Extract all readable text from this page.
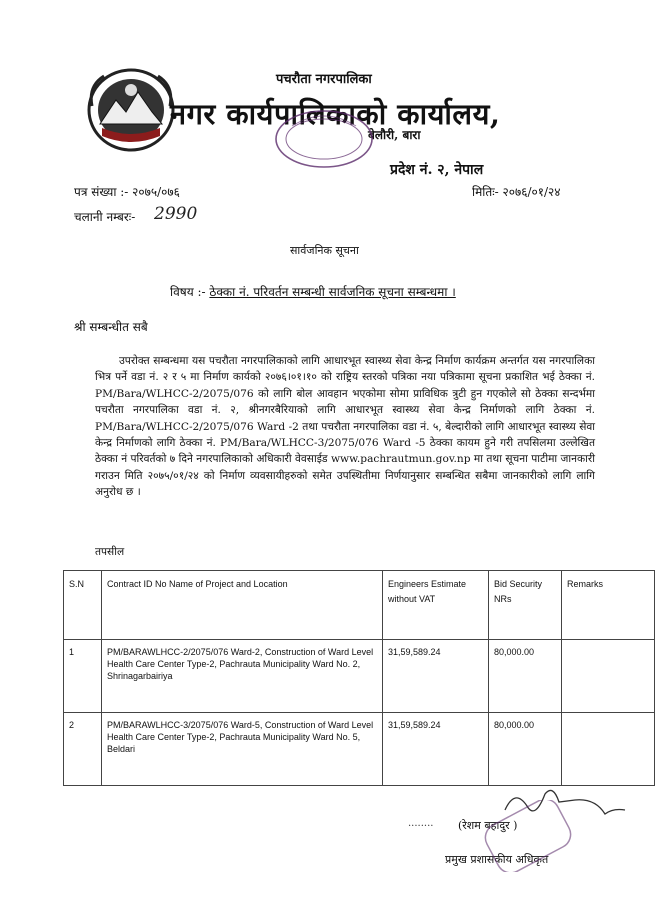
पचरौता नगरपालिका
नगर कार्यपालिकाको कार्यालय,
बेलौरी, बारा
प्रदेश नं. २, नेपाल
पत्र संख्या :- २०७५/०७६	मितिः- २०७६/०१/२४
चलानी नम्बरः- 2990
सार्वजनिक सूचना
विषय :- ठेक्का नं. परिवर्तन सम्बन्धी सार्वजनिक सूचना सम्बन्धमा ।
श्री सम्बन्धीत सबै
उपरोक्त सम्बन्धमा यस पचरौता नगरपालिकाको लागि आधारभूत स्वास्थ्य सेवा केन्द्र निर्माण कार्यक्रम अन्तर्गत यस नगरपालिका भित्र पर्ने वडा नं. २ र ५ मा निर्माण कार्यको २०७६।०१।१० को राष्ट्रिय स्तरको पत्रिका नया पत्रिकामा सूचना प्रकाशित भई ठेक्का नं. PM/Bara/WLHCC-2/2075/076 को लागि बोल आवहान भएकोमा सोमा प्राविधिक त्रुटी हुन गएकोले सो ठेक्का सन्दर्भमा पचरौता नगरपालिका वडा नं. २, श्रीनगरबैरियाको लागि आधारभूत स्वास्थ्य सेवा केन्द्र निर्माणको लागि ठेक्का नं. PM/Bara/WLHCC-2/2075/076 Ward -2 तथा पचरौता नगरपालिका वडा नं. ५, बेल्दारीको लागि आधारभूत स्वास्थ्य सेवा केन्द्र निर्माणको लागि ठेक्का नं. PM/Bara/WLHCC-3/2075/076 Ward -5 ठेक्का कायम हुने गरी तपसिलमा उल्लेखित ठेक्का नं परिवर्तको ७ दिने नगरपालिकाको अधिकारी वेवसाईड www.pachrautmun.gov.np मा तथा सूचना पाटीमा जानकारी गराउन मिति २०७५/०१/२४ को निर्माण व्यवसायीहरुको समेत उपस्थितीमा निर्णयानुसार सम्बन्धित सबैमा जानकारीको लागि लागि अनुरोध छ ।
तपसील
S.N	Contract ID No Name of Project and Location	Engineers Estimate without VAT	Bid Security NRs	Remarks
1	PM/BARAWLHCC-2/2075/076 Ward-2, Construction of Ward Level Health Care Center Type-2, Pachrauta Municipality Ward No. 2, Shrinagarbairiya	31,59,589.24	80,000.00	
2	PM/BARAWLHCC-3/2075/076 Ward-5, Construction of Ward Level Health Care Center Type-2, Pachrauta Municipality Ward No. 5, Beldari	31,59,589.24	80,000.00	
........ (रेशम बहादुर )
प्रमुख प्रशासकीय अधिकृत
